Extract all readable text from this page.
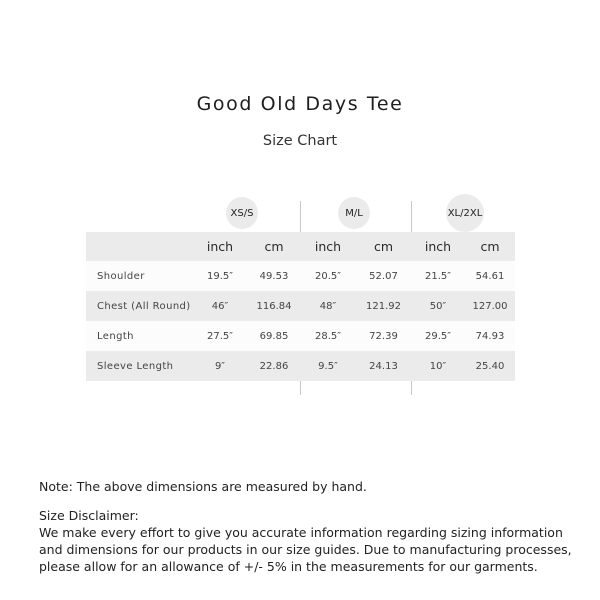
Good Old Days Tee
Size Chart
XS/S	M/L	XL/2XL
inch	cm	inch	cm	inch	cm
Shoulder	19.5″	49.53	20.5″	52.07	21.5″	54.61
Chest (All Round)	46″	116.84	48″	121.92	50″	127.00
Length	27.5″	69.85	28.5″	72.39	29.5″	74.93
Sleeve Length	9″	22.86	9.5″	24.13	10″	25.40
Note: The above dimensions are measured by hand.
Size Disclaimer:
We make every effort to give you accurate information regarding sizing information
and dimensions for our products in our size guides. Due to manufacturing processes,
please allow for an allowance of +/- 5% in the measurements for our garments.
